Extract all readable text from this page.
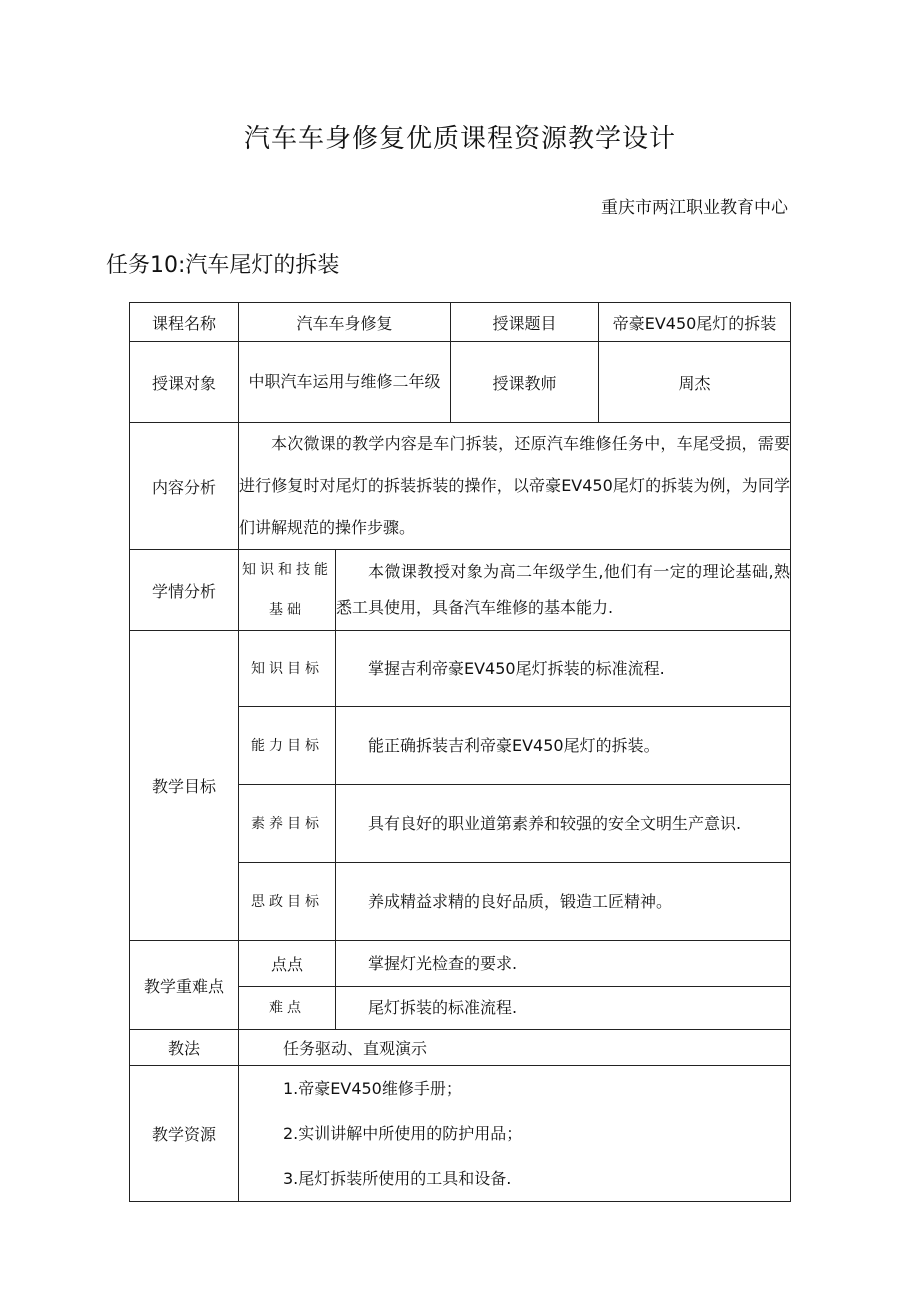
汽车车身修复优质课程资源教学设计
重庆市两江职业教育中心
任务10:汽车尾灯的拆装
课程名称	汽车车身修复		授课题目	帝豪EV450尾灯的拆装
授课对象	中职汽车运用与维修二年级		授课教师	周杰
内容分析	本次微课的教学内容是车门拆装，还原汽车维修任务中，车尾受损，需要进行修复时对尾灯的拆装拆装的操作，以帝豪EV450尾灯的拆装为例，为同学们讲解规范的操作步骤。			
学情分析	知识和技能基础	本微课教授对象为高二年级学生,他们有一定的理论基础,熟悉工具使用，具备汽车维修的基本能力.		
教学目标	知识目标	掌握吉利帝豪EV450尾灯拆装的标准流程.		
	能力目标	能正确拆装吉利帝豪EV450尾灯的拆装。		
	素养目标	具有良好的职业道第素养和较强的安全文明生产意识.		
	思政目标	养成精益求精的良好品质，锻造工匠精神。		
教学重难点	点点	掌握灯光检查的要求.		
	难点	尾灯拆装的标准流程.		
教法	任务驱动、直观演示			
教学资源	1.帝豪EV450维修手册；
2.实训讲解中所使用的防护用品；
3.尾灯拆装所使用的工具和设备.			
